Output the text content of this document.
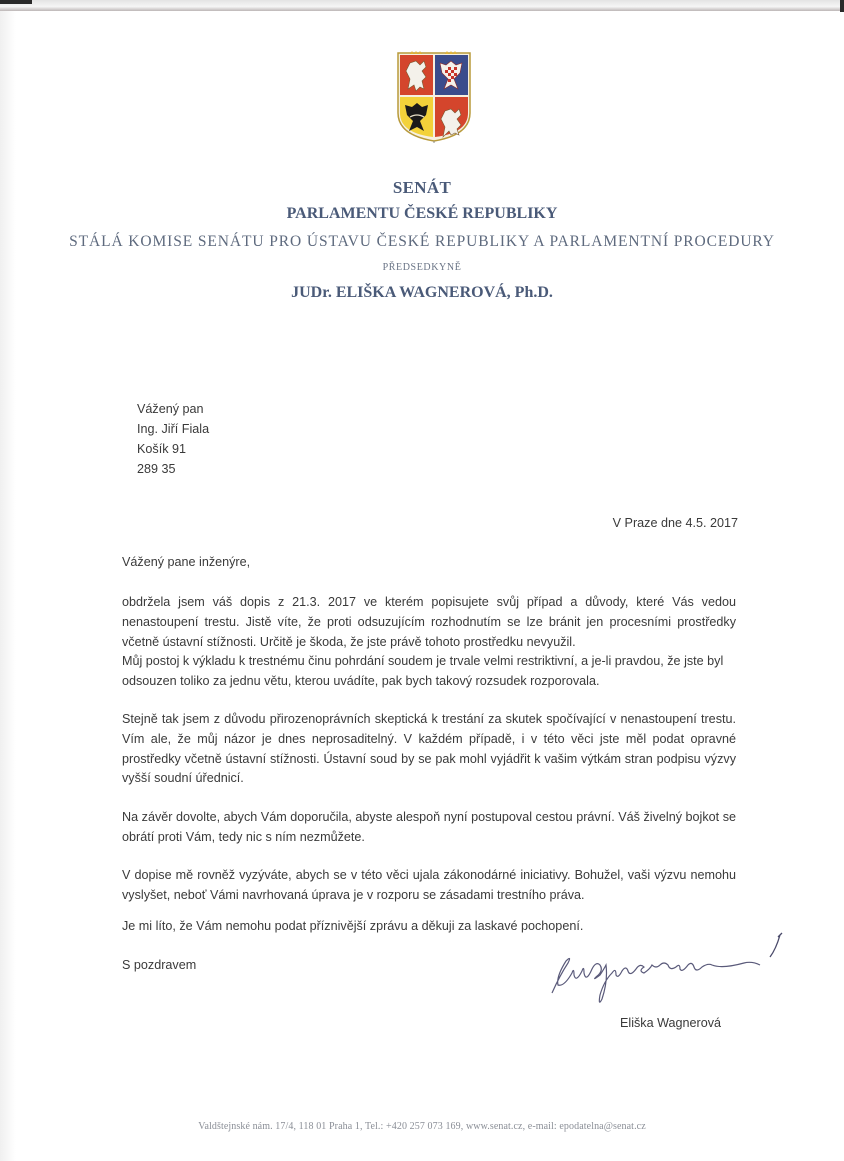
SENÁT
PARLAMENTU ČESKÉ REPUBLIKY
STÁLÁ KOMISE SENÁTU PRO ÚSTAVU ČESKÉ REPUBLIKY A PARLAMENTNÍ PROCEDURY
PŘEDSEDKYNĚ
JUDr. ELIŠKA WAGNEROVÁ, Ph.D.
Vážený pan
Ing. Jiří Fiala
Košík 91
289 35
V Praze dne 4.5. 2017
Vážený pane inženýre,
obdržela jsem váš dopis z 21.3. 2017 ve kterém popisujete svůj případ a důvody, které Vás vedou nenastoupení trestu. Jistě víte, že proti odsuzujícím rozhodnutím se lze bránit jen procesními prostředky včetně ústavní stížnosti. Určitě je škoda, že jste právě tohoto prostředku nevyužil.
Můj postoj k výkladu k trestnému činu pohrdání soudem je trvale velmi restriktivní, a je-li pravdou, že jste byl odsouzen toliko za jednu větu, kterou uvádíte, pak bych takový rozsudek rozporovala.
Stejně tak jsem z důvodu přirozenoprávních skeptická k trestání za skutek spočívající v nenastoupení trestu. Vím ale, že můj názor je dnes neprosaditelný. V každém případě, i v této věci jste měl podat opravné prostředky včetně ústavní stížnosti. Ústavní soud by se pak mohl vyjádřit k vašim výtkám stran podpisu výzvy vyšší soudní úřednicí.
Na závěr dovolte, abych Vám doporučila, abyste alespoň nyní postupoval cestou právní. Váš živelný bojkot se obrátí proti Vám, tedy nic s ním nezmůžete.
V dopise mě rovněž vyzýváte, abych se v této věci ujala zákonodárné iniciativy. Bohužel, vaši výzvu nemohu vyslyšet, neboť Vámi navrhovaná úprava je v rozporu se zásadami trestního práva.
Je mi líto, že Vám nemohu podat příznivější zprávu a děkuji za laskavé pochopení.
S pozdravem
Eliška Wagnerová
Valdštejnské nám. 17/4, 118 01 Praha 1, Tel.: +420 257 073 169, www.senat.cz, e-mail: epodatelna@senat.cz
